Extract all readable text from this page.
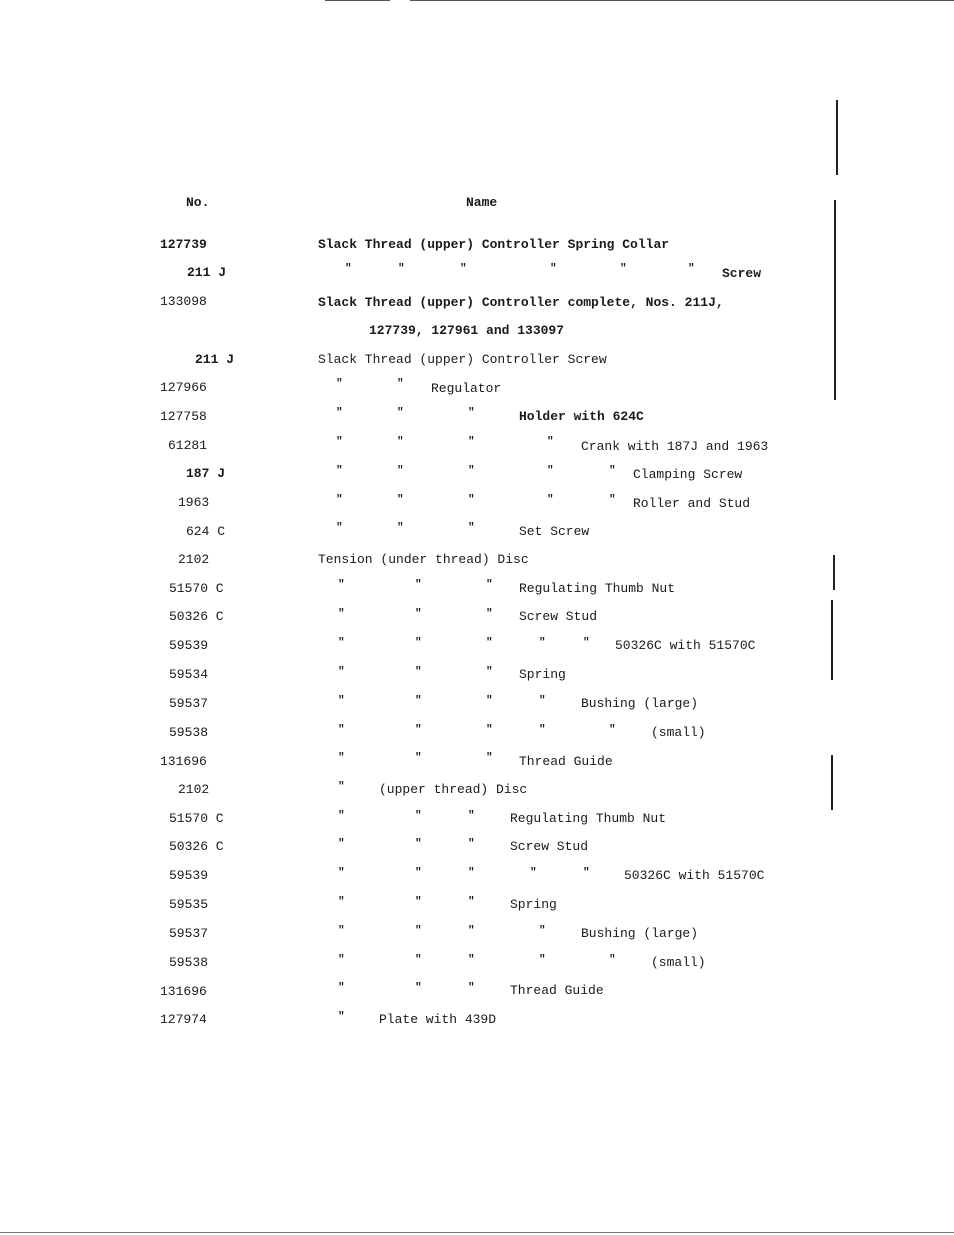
No.	Name
127739	Slack Thread (upper) Controller Spring Collar
211 J	"	"	"	"	"	" Screw
133098	Slack Thread (upper) Controller complete, Nos. 211J,
127739, 127961 and 133097
211 J	Slack Thread (upper) Controller Screw
127966	"	" Regulator
127758	"	"	"	Holder with 624C
61281	"	"	"	" Crank with 187J and 1963
187 J	"	"	"	"	" Clamping Screw
1963	"	"	"	"	" Roller and Stud
624 C	"	"	"	Set Screw
2102	Tension (under thread) Disc
51570 C	"	"	" Regulating Thumb Nut
50326 C	"	"	" Screw Stud
59539	"	"	"	"	" 50326C with 51570C
59534	"	"	" Spring
59537	"	"	"	"	Bushing (large)
59538	"	"	"	"	"	(small)
131696	"	"	" Thread Guide
2102	"	(upper thread) Disc
51570 C	"	"	"	Regulating Thumb Nut
50326 C	"	"	"	Screw Stud
59539	"	"	"	"	"	50326C with 51570C
59535	"	"	"	Spring
59537	"	"	"	"	Bushing (large)
59538	"	"	"	"	"	(small)
131696	"	"	"	Thread Guide
127974	"	Plate with 439D
